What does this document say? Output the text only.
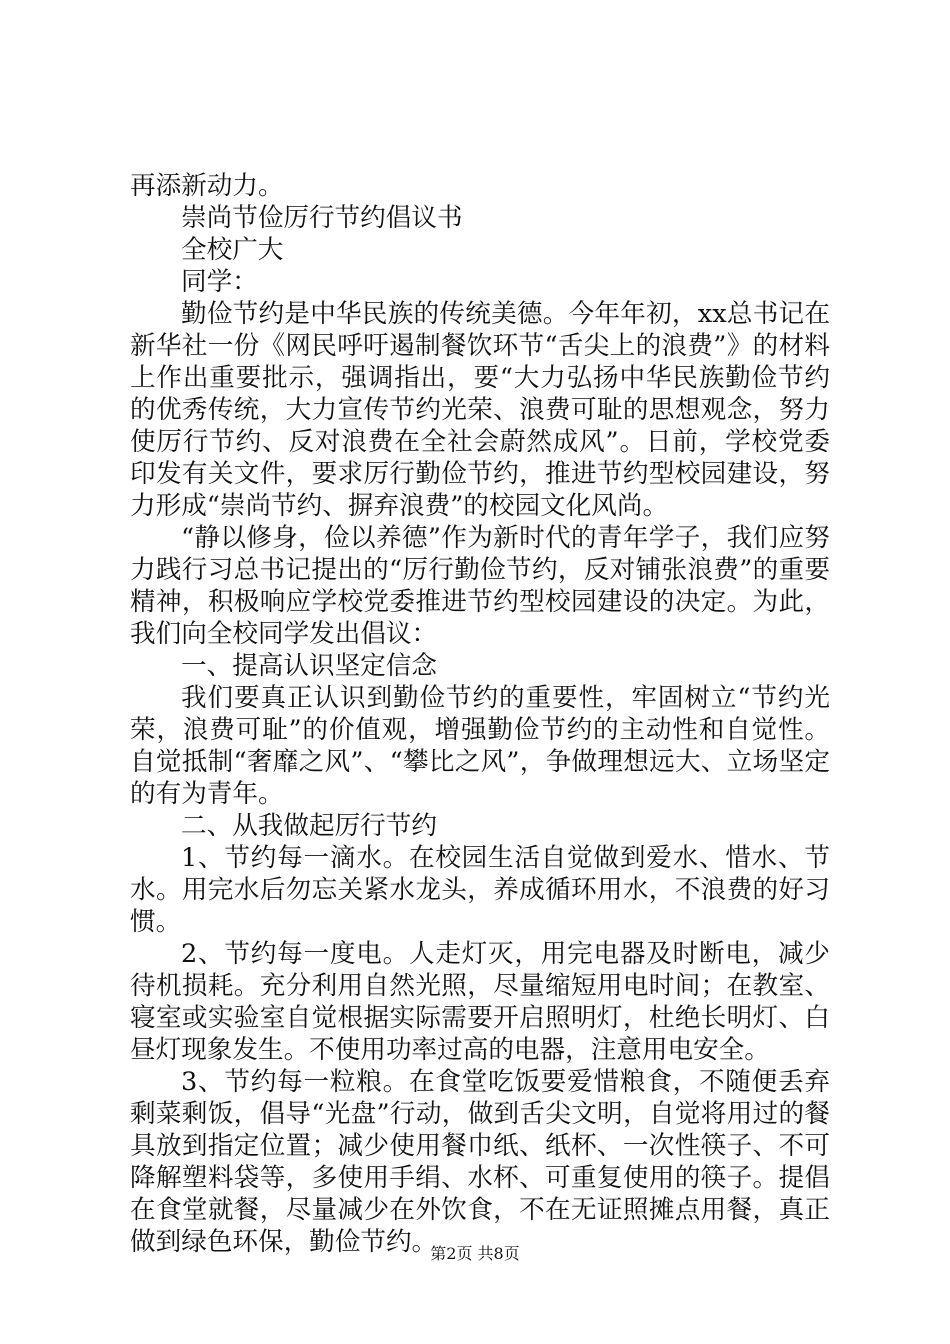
再添新动力。

崇尚节俭厉行节约倡议书

全校广大

同学：

勤俭节约是中华民族的传统美德。今年年初，xx总书记在新华社一份《网民呼吁遏制餐饮环节“舌尖上的浪费”》的材料上作出重要批示，强调指出，要“大力弘扬中华民族勤俭节约的优秀传统，大力宣传节约光荣、浪费可耻的思想观念，努力使厉行节约、反对浪费在全社会蔚然成风”。日前，学校党委印发有关文件，要求厉行勤俭节约，推进节约型校园建设，努力形成“崇尚节约、摒弃浪费”的校园文化风尚。

“静以修身，俭以养德”作为新时代的青年学子，我们应努力践行习总书记提出的“厉行勤俭节约，反对铺张浪费”的重要精神，积极响应学校党委推进节约型校园建设的决定。为此，我们向全校同学发出倡议：

一、提高认识坚定信念

我们要真正认识到勤俭节约的重要性，牢固树立“节约光荣，浪费可耻”的价值观，增强勤俭节约的主动性和自觉性。自觉抵制“奢靡之风”、“攀比之风”，争做理想远大、立场坚定的有为青年。

二、从我做起厉行节约

1、节约每一滴水。在校园生活自觉做到爱水、惜水、节水。用完水后勿忘关紧水龙头，养成循环用水，不浪费的好习惯。

2、节约每一度电。人走灯灭，用完电器及时断电，减少待机损耗。充分利用自然光照，尽量缩短用电时间；在教室、寝室或实验室自觉根据实际需要开启照明灯，杜绝长明灯、白昼灯现象发生。不使用功率过高的电器，注意用电安全。

3、节约每一粒粮。在食堂吃饭要爱惜粮食，不随便丢弃剩菜剩饭，倡导“光盘”行动，做到舌尖文明，自觉将用过的餐具放到指定位置；减少使用餐巾纸、纸杯、一次性筷子、不可降解塑料袋等，多使用手绢、水杯、可重复使用的筷子。提倡在食堂就餐，尽量减少在外饮食，不在无证照摊点用餐，真正做到绿色环保，勤俭节约。

第2页 共8页
